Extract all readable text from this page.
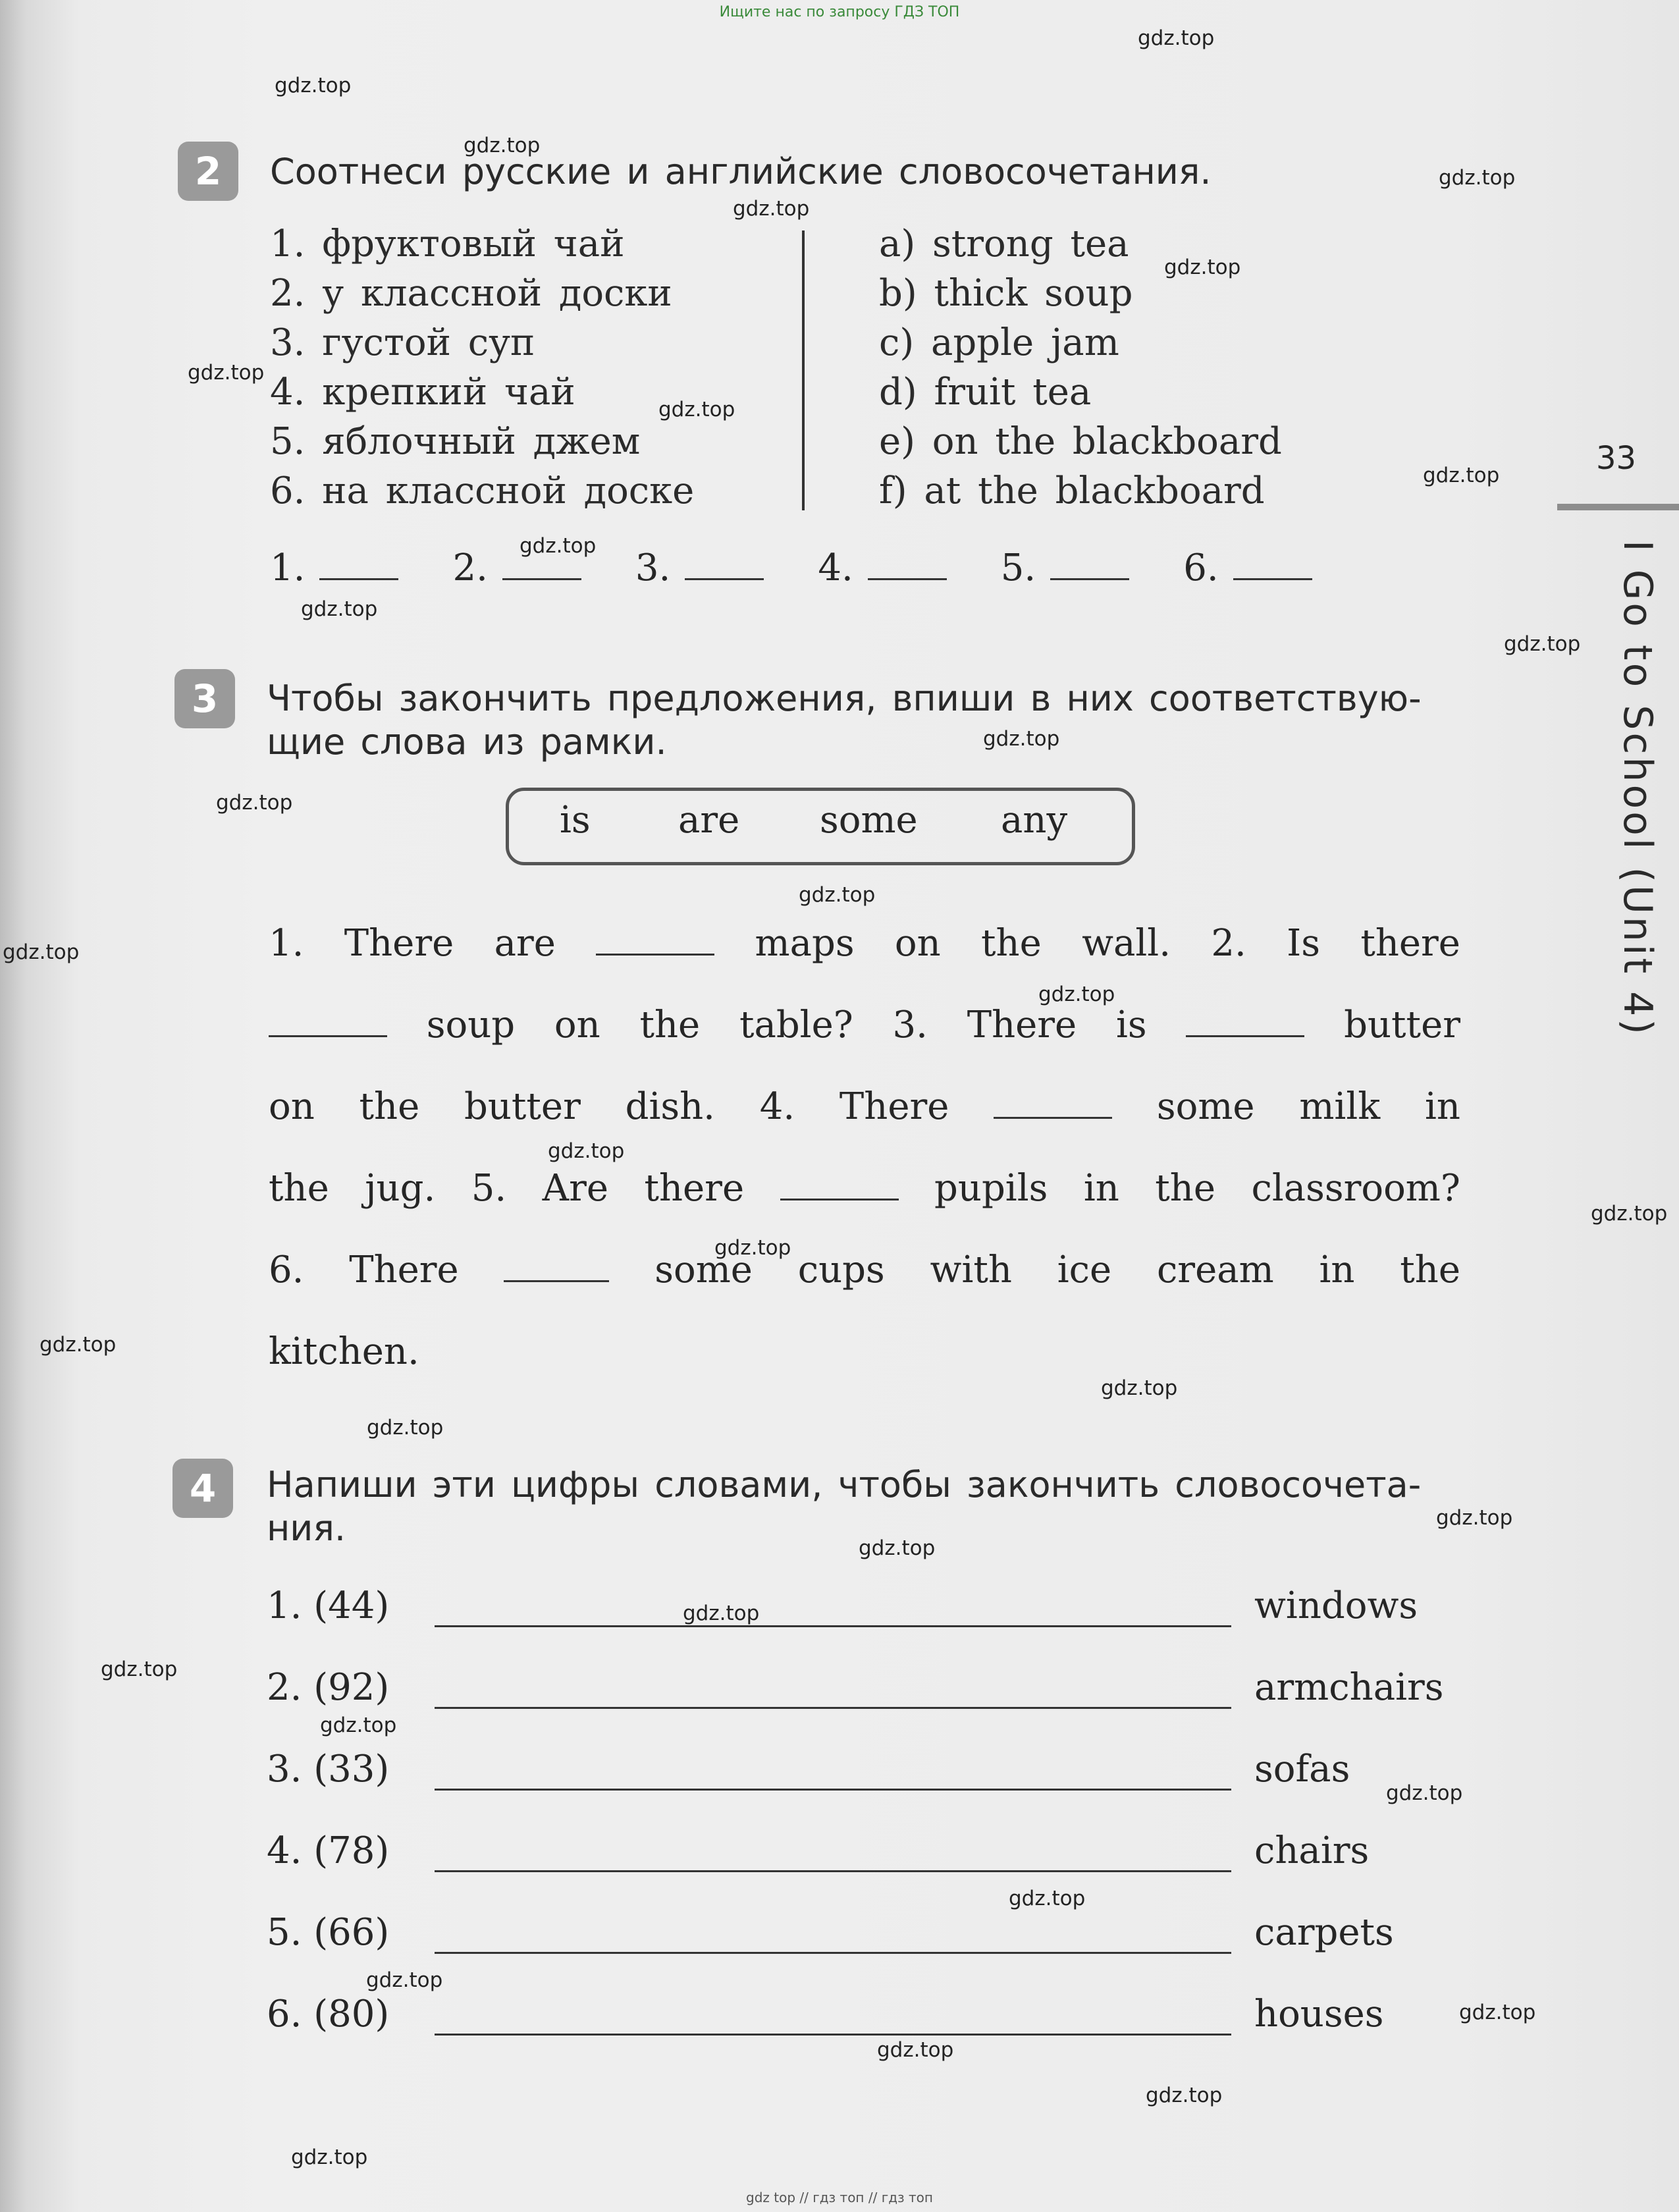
Ищите нас по запросу ГДЗ ТОП
2	Соотнеси русские и английские словосочетания.
1. фруктовый чай
2. у классной доски
3. густой суп
4. крепкий чай
5. яблочный джем
6. на классной доске
a) strong tea
b) thick soup
c) apple jam
d) fruit tea
e) on the blackboard
f) at the blackboard
1.	2.	3.	4.	5.	6.
3	Чтобы закончить предложения, впиши в них соответствую-
щие слова из рамки.
is are some any
1. There are	maps on the wall. 2. Is there
soup on the table? 3. There is	butter
on the butter dish. 4. There	some milk in
the jug. 5. Are there	pupils in the classroom?
6. There	some cups with ice cream in the
kitchen.
4	Напиши эти цифры словами, чтобы закончить словосочета-
ния.
1. (44)	windows
2. (92)	armchairs
3. (33)	sofas
4. (78)	chairs
5. (66)	carpets
6. (80)	houses
33
I Go to School (Unit 4)
gdz.top
gdz.top
gdz.top
gdz.top
gdz.top
gdz.top
gdz.top
gdz.top
gdz.top
gdz.top
gdz.top
gdz.top
gdz.top
gdz.top
gdz.top
gdz.top
gdz.top
gdz.top
gdz.top
gdz.top
gdz.top
gdz.top
gdz.top
gdz.top
gdz.top
gdz.top
gdz.top
gdz.top
gdz.top
gdz.top
gdz.top
gdz.top
gdz.top
gdz.top
gdz.top
gdz top // гдз топ // гдз топ
